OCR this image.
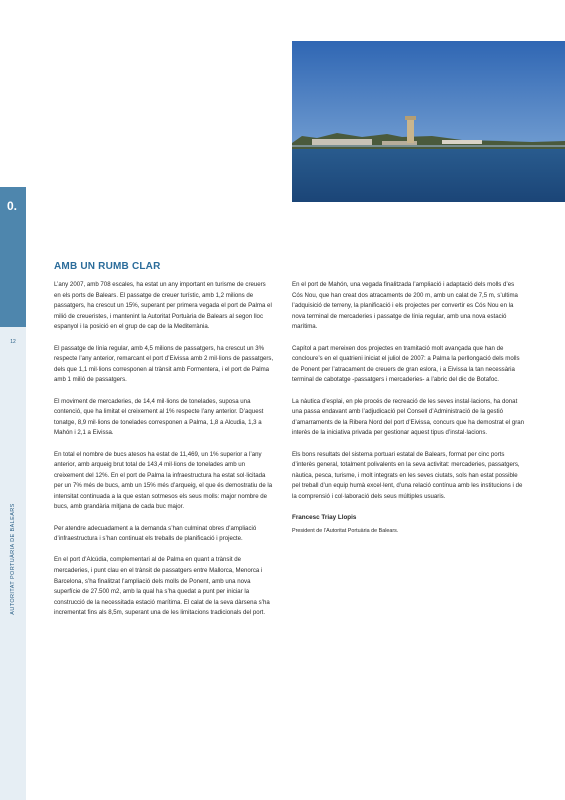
0.
12
AUTORITAT PORTUÀRIA DE BALEARS
AMB UN RUMB CLAR

L’any 2007, amb 708 escales, ha estat un any important en turisme de creuers en els ports de Balears. El passatge de creuer turístic, amb 1,2 milions de passatgers, ha crescut un 15%, superant per primera vegada el port de Palma el milió de creueristes, i mantenint la Autoritat Portuària de Balears al segon lloc espanyol i la posició en el grup de cap de la Mediterrània.

El passatge de línia regular, amb 4,5 milions de passatgers, ha crescut un 3% respecte l’any anterior, remarcant el port d’Eivissa amb 2 mil·lions de passatgers, dels que 1,1 mil·lions corresponen al trànsit amb Formentera, i el port de Palma amb 1 milió de passatgers.

El moviment de mercaderies, de 14,4 mil·lions de tonelades, suposa una contenció, que ha limitat el creixement al 1% respecte l’any anterior. D’aquest tonatge, 8,9 mil·lions de tonelades corresponen a Palma, 1,8 a Alcudia, 1,3 a Mahón i 2,1 a Eivissa.

En total el nombre de bucs atesos ha estat de 11,469, un 1% superior a l’any anterior, amb arqueig brut total de 143,4 mil·lions de tonelades amb un creixement del 12%. En el port de Palma la infraestructura ha estat sol·licitada per un 7% més de bucs, amb un 15% més d’arqueig, el que és demostratiu de la intensitat continuada a la que estan sotmesos els seus molls: major nombre de bucs, amb grandària mitjana de cada buc major.

Per atendre adecuadament a la demanda s’han culminat obres d’ampliació d’infraestructura i s’han continuat els treballs de planificació i projecte.

En el port d’Alcúdia, complementari al de Palma en quant a trànsit de mercaderies, i punt clau en el trànsit de passatgers entre Mallorca, Menorca i Barcelona, s’ha finalitzat l’ampliació dels molls de Ponent, amb una nova superfície de 27.500 m2, amb la qual ha s’ha quedat a punt per iniciar la construcció de la necessitada estació marítima. El calat de la seva dàrsena s’ha incrementat fins als 8,5m, superant una de les limitacions tradicionals del port.

En el port de Mahón, una vegada finalitzada l’ampliació i adaptació dels molls d’es Cós Nou, que han creat dos atracaments de 200 m, amb un calat de 7,5 m, s’ultima l’adquisició de terreny, la planificació i els projectes per convertir es Cós Nou en la nova terminal de mercaderies i passatge de línia regular, amb una nova estació marítima.

Capítol a part mereixen dos projectes en tramitació molt avançada que han de concloure’s en el quatrieni iniciat el juliol de 2007: a Palma la perllongació dels molls de Ponent per l’atracament de creuers de gran eslora, i a Eivissa la tan necessària terminal de cabotatge -passatgers i mercaderies- a l’abric del dic de Botafoc.

La nàutica d’esplai, en ple procés de recreació de les seves instal·lacions, ha donat una passa endavant amb l’adjudicació pel Consell d’Administració de la gestió d’amarraments de la Ribera Nord del port d’Eivissa, concurs que ha demostrat el gran interès de la iniciativa privada per gestionar aquest tipus d’instal·lacions.

Els bons resultats del sistema portuari estatal de Balears, format per cinc ports d’interès general, totalment polivalents en la seva activitat: mercaderies, passatgers, nàutica, pesca, turisme, i molt integrats en les seves ciutats, sols han estat possible pel treball d’un equip humà excel·lent, d’una relació contínua amb les institucions i de la comprensió i col·laboració dels seus múltiples usuaris.

Francesc Triay Llopis
President de l’Autoritat Portuària de Balears.
